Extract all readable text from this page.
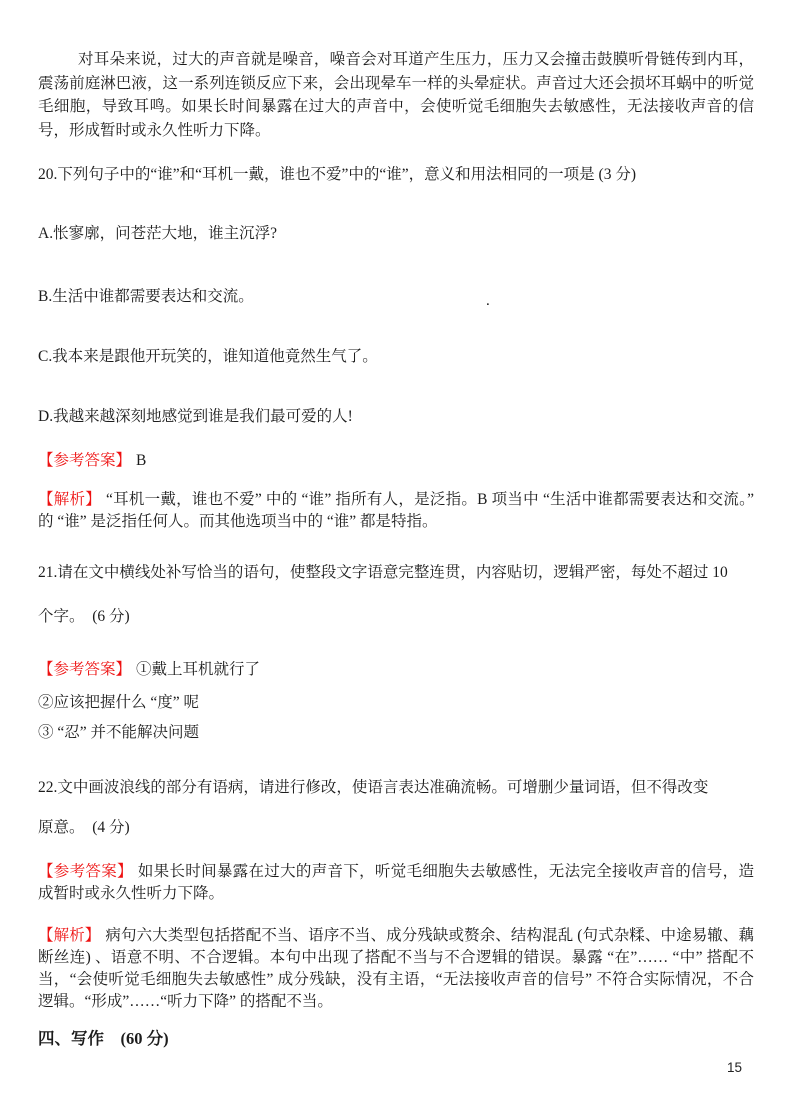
对耳朵来说，过大的声音就是噪音，噪音会对耳道产生压力，压力又会撞击鼓膜听骨链传到内耳，震荡前庭淋巴液，这一系列连锁反应下来，会出现晕车一样的头晕症状。声音过大还会损坏耳蜗中的听觉毛细胞，导致耳鸣。如果长时间暴露在过大的声音中，会使听觉毛细胞失去敏感性，无法接收声音的信号，形成暂时或永久性听力下降。
20.下列句子中的“谁”和“耳机一戴，谁也不爱”中的“谁”，意义和用法相同的一项是 (3 分)
A.怅寥廓，问苍茫大地，谁主沉浮?
B.生活中谁都需要表达和交流。	.
C.我本来是跟他开玩笑的，谁知道他竟然生气了。
D.我越来越深刻地感觉到谁是我们最可爱的人!
【参考答案】 B
【解析】 “耳机一戴，谁也不爱” 中的 “谁” 指所有人，是泛指。B 项当中 “生活中谁都需要表达和交流。” 的 “谁” 是泛指任何人。而其他选项当中的 “谁” 都是特指。
21.请在文中横线处补写恰当的语句，使整段文字语意完整连贯，内容贴切，逻辑严密，每处不超过 10
个字。　(6 分)
【参考答案】 ①戴上耳机就行了
②应该把握什么 “度” 呢
③ “忍” 并不能解决问题
22.文中画波浪线的部分有语病，请进行修改，使语言表达准确流畅。可增删少量词语，但不得改变
原意。　(4 分)
【参考答案】 如果长时间暴露在过大的声音下，听觉毛细胞失去敏感性，无法完全接收声音的信号，造成暂时或永久性听力下降。
【解析】 病句六大类型包括搭配不当、语序不当、成分残缺或赘余、结构混乱 (句式杂糅、中途易辙、藕断丝连) 、语意不明、不合逻辑。本句中出现了搭配不当与不合逻辑的错误。暴露 “在”…… “中” 搭配不当，“会使听觉毛细胞失去敏感性” 成分残缺，没有主语，“无法接收声音的信号” 不符合实际情况，不合逻辑。“形成”……“听力下降” 的搭配不当。
四、写作　(60 分)
15
